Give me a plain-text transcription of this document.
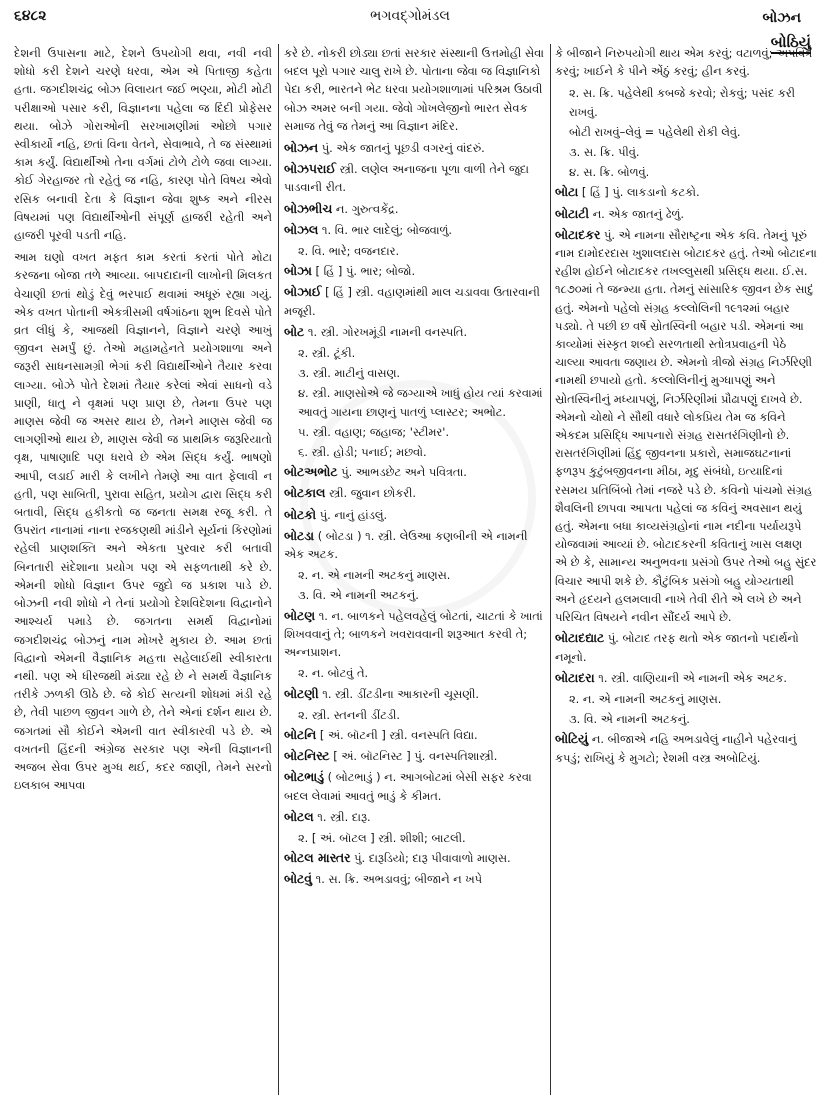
૬૪૮૨	ભગવદ્ગોમંડલ	બોઝન
બોઠિયું

દેશની ઉપાસના માટે, દેશને ઉપયોગી થવા, નવી નવી શોધો કરી દેશને ચરણે ધરવા, એમ એ પિતાજી કહેતા હતા. જગદીશચંદ્ર બોઝ વિલાયત જઈ ભણ્યા, મોટી મોટી પરીક્ષાઓ પસાર કરી, વિજ્ઞાનના પહેલા જ દિંદી પ્રોફેસર થયા. બોઝે ગોરાઓની સરખામણીમાં ઓછો પગાર સ્વીકાર્યો નહિ, છતાં વિના વેતને, સેવાભાવે, તે જ સંસ્થામાં કામ કર્યું. વિદ્યાર્થીઓ તેના વર્ગમાં ટોળે ટોળે જવા લાગ્યા. કોઈ ગેરહાજર તો રહેતું જ નહિ, કારણ પોતે વિષય એવો રસિક બનાવી દેતા કે વિજ્ઞાન જેવા શુષ્ક અને નીરસ વિષયમાં પણ વિદ્યાર્થીઓની સંપૂર્ણ હાજરી રહેતી અને હાજરી પૂરવી પડતી નહિ.

આમ ઘણો વખત મફત કામ કરતાં કરતાં પોતે મોટા કરજના બોજા તળે આવ્યા. બાપદાદાની લાખોની મિલકત વેચાણી છતાં થોડું દેવું ભરપાઈ થવામાં અધૂરું રહ્યા ગયું. એક વખત પોતાની એકત્રીસમી વર્ષગાંઠના શુભ દિવસે પોતે વ્રત લીધું કે, આજથી વિજ્ઞાનને, વિજ્ઞાને ચરણે આખું જીવન સમર્પું છું. તેઓ મહામહેનતે પ્રયોગશાળા અને જરૂરી સાધનસામગ્રી ભેગાં કરી વિદ્યાર્થીઓને તૈયાર કરવા લાગ્યા. બોઝે પોતે દેશમાં તૈયાર કરેલાં એવાં સાધનો વડે પ્રાણી, ધાતુ ને વૃક્ષમાં પણ પ્રાણ છે, તેમના ઉપર પણ માણસ જેવી જ અસર થાય છે, તેમને માણસ જેવી જ લાગણીઓ થાય છે, માણસ જેવી જ પ્રાથમિક જરૂરિયાતો વૃક્ષ, પાષાણાદિ પણ ધરાવે છે એમ સિદ્ધ કર્યું. ભાષણો આપી, લડાઈ મારી કે લખીને તેમણે આ વાત ફેલાવી ન હતી, પણ સાબિતી, પુરાવા સહિત, પ્રયોગ દ્વારા સિદ્ધ કરી બતાવી, સિદ્ધ હકીકતો જ જનતા સમક્ષ રજૂ કરી. તે ઉપરાંત નાનામાં નાના રજકણથી માંડીને સૂર્યનાં કિરણોમાં રહેલી પ્રાણશક્તિ અને એકતા પુરવાર કરી બતાવી બિનતારી સંદેશાના પ્રયોગ પણ એ સફળતાથી કરે છે. એમની શોધો વિજ્ઞાન ઉપર જુદો જ પ્રકાશ પાડે છે. બોઝની નવી શોધો ને તેનાં પ્રયોગો દેશવિદેશના વિદ્વાનોને આશ્ચર્ય પમાડે છે. જગતના સમર્થ વિદ્વાનોમાં જગદીશચંદ્ર બોઝનું નામ મોખરે મુકાય છે. આમ છતાં વિદ્વાનો એમની વૈજ્ઞાનિક મહત્તા સહેલાઈથી સ્વીકારતા નથી. પણ એ ધીરજથી મંડ્યા રહે છે ને સમર્થ વૈજ્ઞાનિક તરીકે ઝળકી ઊઠે છે. જે કોઈ સત્યની શોધમાં મંડી રહે છે, તેવી પાછળ જીવન ગાળે છે, તેને એનાં દર્શન થાય છે. જગતમાં સૌ કોઈને એમની વાત સ્વીકારવી પડે છે. એ વખતની હિંદની અંગ્રેજ સરકાર પણ એની વિજ્ઞાનની અજબ સેવા ઉપર મુગ્ધ થઈ, કદર જાણી, તેમને સરનો ઇલકાબ આપવા

કરે છે. નોકરી છોડ્યા છતાં સરકાર સંસ્થાની ઉત્તમોહી સેવા બદલ પૂરો પગાર ચાલુ રાખે છે. પોતાના જેવા જ વિજ્ઞાનિકો પેદા કરી, ભારતને ભેટ ધરવા પ્રયોગશાળામાં પરિશ્રમ ઉઠાવી બોઝ અમર બની ગયા. જેવો ગોખલેજીનો ભારત સેવક સમાજ તેવું જ તેમનું આ વિજ્ઞાન મંદિર.

બોઝન પું. એક જાતનું પૂછડી વગરનું વાંદરું.
બોઝપરાઈ સ્ત્રી. લણેલ અનાજના પૂળા વાળી તેને જુદા પાડવાની રીત.
બોઝભીચ ન. ગુરુત્વકેંદ્ર.
બોઝલ ૧. વિ. ભાર લાદેલું; બોજવાળું.
૨. વિ. ભારે; વજનદાર.
બોઝા [ હિં ] પું. ભાર; બોજો.
બોઝાઈ [ હિં ] સ્ત્રી. વહાણમાંથી માલ ચડાવવા ઉતારવાની મજૂરી.
બોટ ૧. સ્ત્રી. ગોરખમૂંડી નામની વનસ્પતિ.
૨. સ્ત્રી. ટૂંકી.
૩. સ્ત્રી. માટીનું વાસણ.
૪. સ્ત્રી. માણસોએ જે જગ્યાએ ખાધું હોય ત્યાં કરવામાં આવતું ગાયના છાણનું પાતળું પ્લાસ્ટર; અભોટ.
૫. સ્ત્રી. વહાણ; જહાજ; 'સ્ટીમર'.
૬. સ્ત્રી. હોડી; પનાઈ; મછવો.
બોટઅભોટ પું. આભડછેટ અને પવિત્રતા.
બોટકાલ સ્ત્રી. જુવાન છોકરી.
બોટકો પું. નાનું હાંડલું.
બોટડા ( બોટડા ) ૧. સ્ત્રી. લેઉઆ કણબીની એ નામની એક અટક.
૨. ન. એ નામની અટકનું માણસ.
૩. વિ. એ નામની અટકનું.
બોટણ ૧. ન. બાળકને પહેલવહેલું બોટતાં, ચાટતાં કે ખાતાં શિખવવાનું તે; બાળકને ખવરાવવાની શરૂઆત કરવી તે; અન્નપ્રાશન.
૨. ન. બોટવું તે.
બોટણી ૧. સ્ત્રી. ડીંટડીના આકારની ચૂસણી.
૨. સ્ત્રી. સ્તનની ડીંટડી.
બોટનિ [ અં. બૉટની ] સ્ત્રી. વનસ્પતિ વિદ્યા.
બોટનિસ્ટ [ અં. બૉટનિસ્ટ ] પું. વનસ્પતિશાસ્ત્રી.
બોટભાડું ( બોટભાડું ) ન. આગબોટમાં બેસી સફર કરવા બદલ લેવામાં આવતું ભાડું કે કીમત.
બોટલ ૧. સ્ત્રી. દારૂ.
૨. [ અં. બૉટલ ] સ્ત્રી. શીશી; બાટલી.
બોટલ માસ્તર પું. દારૂડિયો; દારૂ પીવાવાળો માણસ.
બોટવું ૧. સ. ક્રિ. અભડાવવું; બીજાને ન ખપે

કે બીજાને નિરુપયોગી થાય એમ કરવું; વટાળવું; અપવિત્ર કરવું; ખાઈને કે પીને એંઠું કરવું; હીન કરવું.

૨. સ. ક્રિ. પહેલેથી કબજે કરવો; રોકવું; પસંદ કરી રાખવું.
બોટી રાખવું–લેવું = પહેલેથી રોકી લેવું.
૩. સ. ક્રિ. પીવું.
૪. સ. ક્રિ. બોળવું.
બોટા [ હિં ] પું. લાકડાનો કટકો.
બોટાટી ન. એક જાતનું ઢેળું.
બોટાદકર પું. એ નામના સૌરાષ્ટ્રના એક કવિ. તેમનું પૂરું નામ દામોદરદાસ ખુશાલદાસ બોટાદકર હતું. તેઓ બોટાદના રહીશ હોઈને બોટાદકર તખલ્લુસથી પ્રસિદ્ધ થયા. ઈ.સ. ૧૮૭૦માં તે જન્મ્યા હતા. તેમનું સાંસારિક જીવન છેક સાદું હતું. એમનો પહેલો સંગ્રહ કલ્લોલિની ૧૯૧૨માં બહાર પડ્યો. તે પછી છ વર્ષે સ્રોતસ્વિની બહાર પડી. એમનાં આ કાવ્યોમાં સંસ્કૃત શબ્દો સરળતાથી સ્તોત્રપ્રવાહની પેઠે ચાલ્યા આવતા જણાય છે. એમનો ત્રીજો સંગ્રહ નિર્ઝરિણી નામથી છપાયો હતો. કલ્લોલિનીનું મુગ્ધાપણું અને સ્રોતસ્વિનીનું મધ્યાપણું, નિર્ઝરિણીમાં પ્રૌઢાપણું દાખવે છે. એમનો ચોથો ને સૌથી વધારે લોકપ્રિય તેમ જ કવિને એકદમ પ્રસિદ્ધિ આપનારો સંગ્રહ રાસતરંગિણીનો છે. રાસતરંગિણીમાં હિંદુ જીવનના પ્રકારો, સમાજઘટનાનાં ફળરૂપ કુટુંબજીવનના મીઠા, મૃદુ સંબંધો, ઇત્યાદિનાં રસમય પ્રતિબિંબો તેમાં નજરે પડે છે. કવિનો પાંચમો સંગ્રહ શૈવલિની છાપવા આપતા પહેલાં જ કવિનું અવસાન થયું હતું. એમના બધા કાવ્યસંગ્રહોનાં નામ નદીના પર્યાયરૂપે યોજવામાં આવ્યાં છે. બોટાદકરની કવિતાનું ખાસ લક્ષણ એ છે કે, સામાન્ય અનુભવના પ્રસંગો ઉપર તેઓ બહુ સુંદર વિચાર આપી શકે છે. કૌટુંબિક પ્રસંગો બહુ યોગ્યતાથી અને હૃદયને હલમલાવી નાખે તેવી રીતે એ લખે છે અને પરિચિત વિષયને નવીન સૌંદર્ય આપે છે.
બોટાદદ્યાટ પું. બોટાદ તરફ થતો એક જાતનો પદાર્થનો નમૂનો.
બોટાદરા ૧. સ્ત્રી. વાણિયાની એ નામની એક અટક.
૨. ન. એ નામની અટકનું માણસ.
૩. વિ. એ નામની અટકનું.
બોટિયું ન. બીજાએ નહિ અભડાવેલું નાહીને પહેરવાનું કપડું; રાખિયું કે મુગટો; રેશમી વસ્ત્ર અબોટિયું.
